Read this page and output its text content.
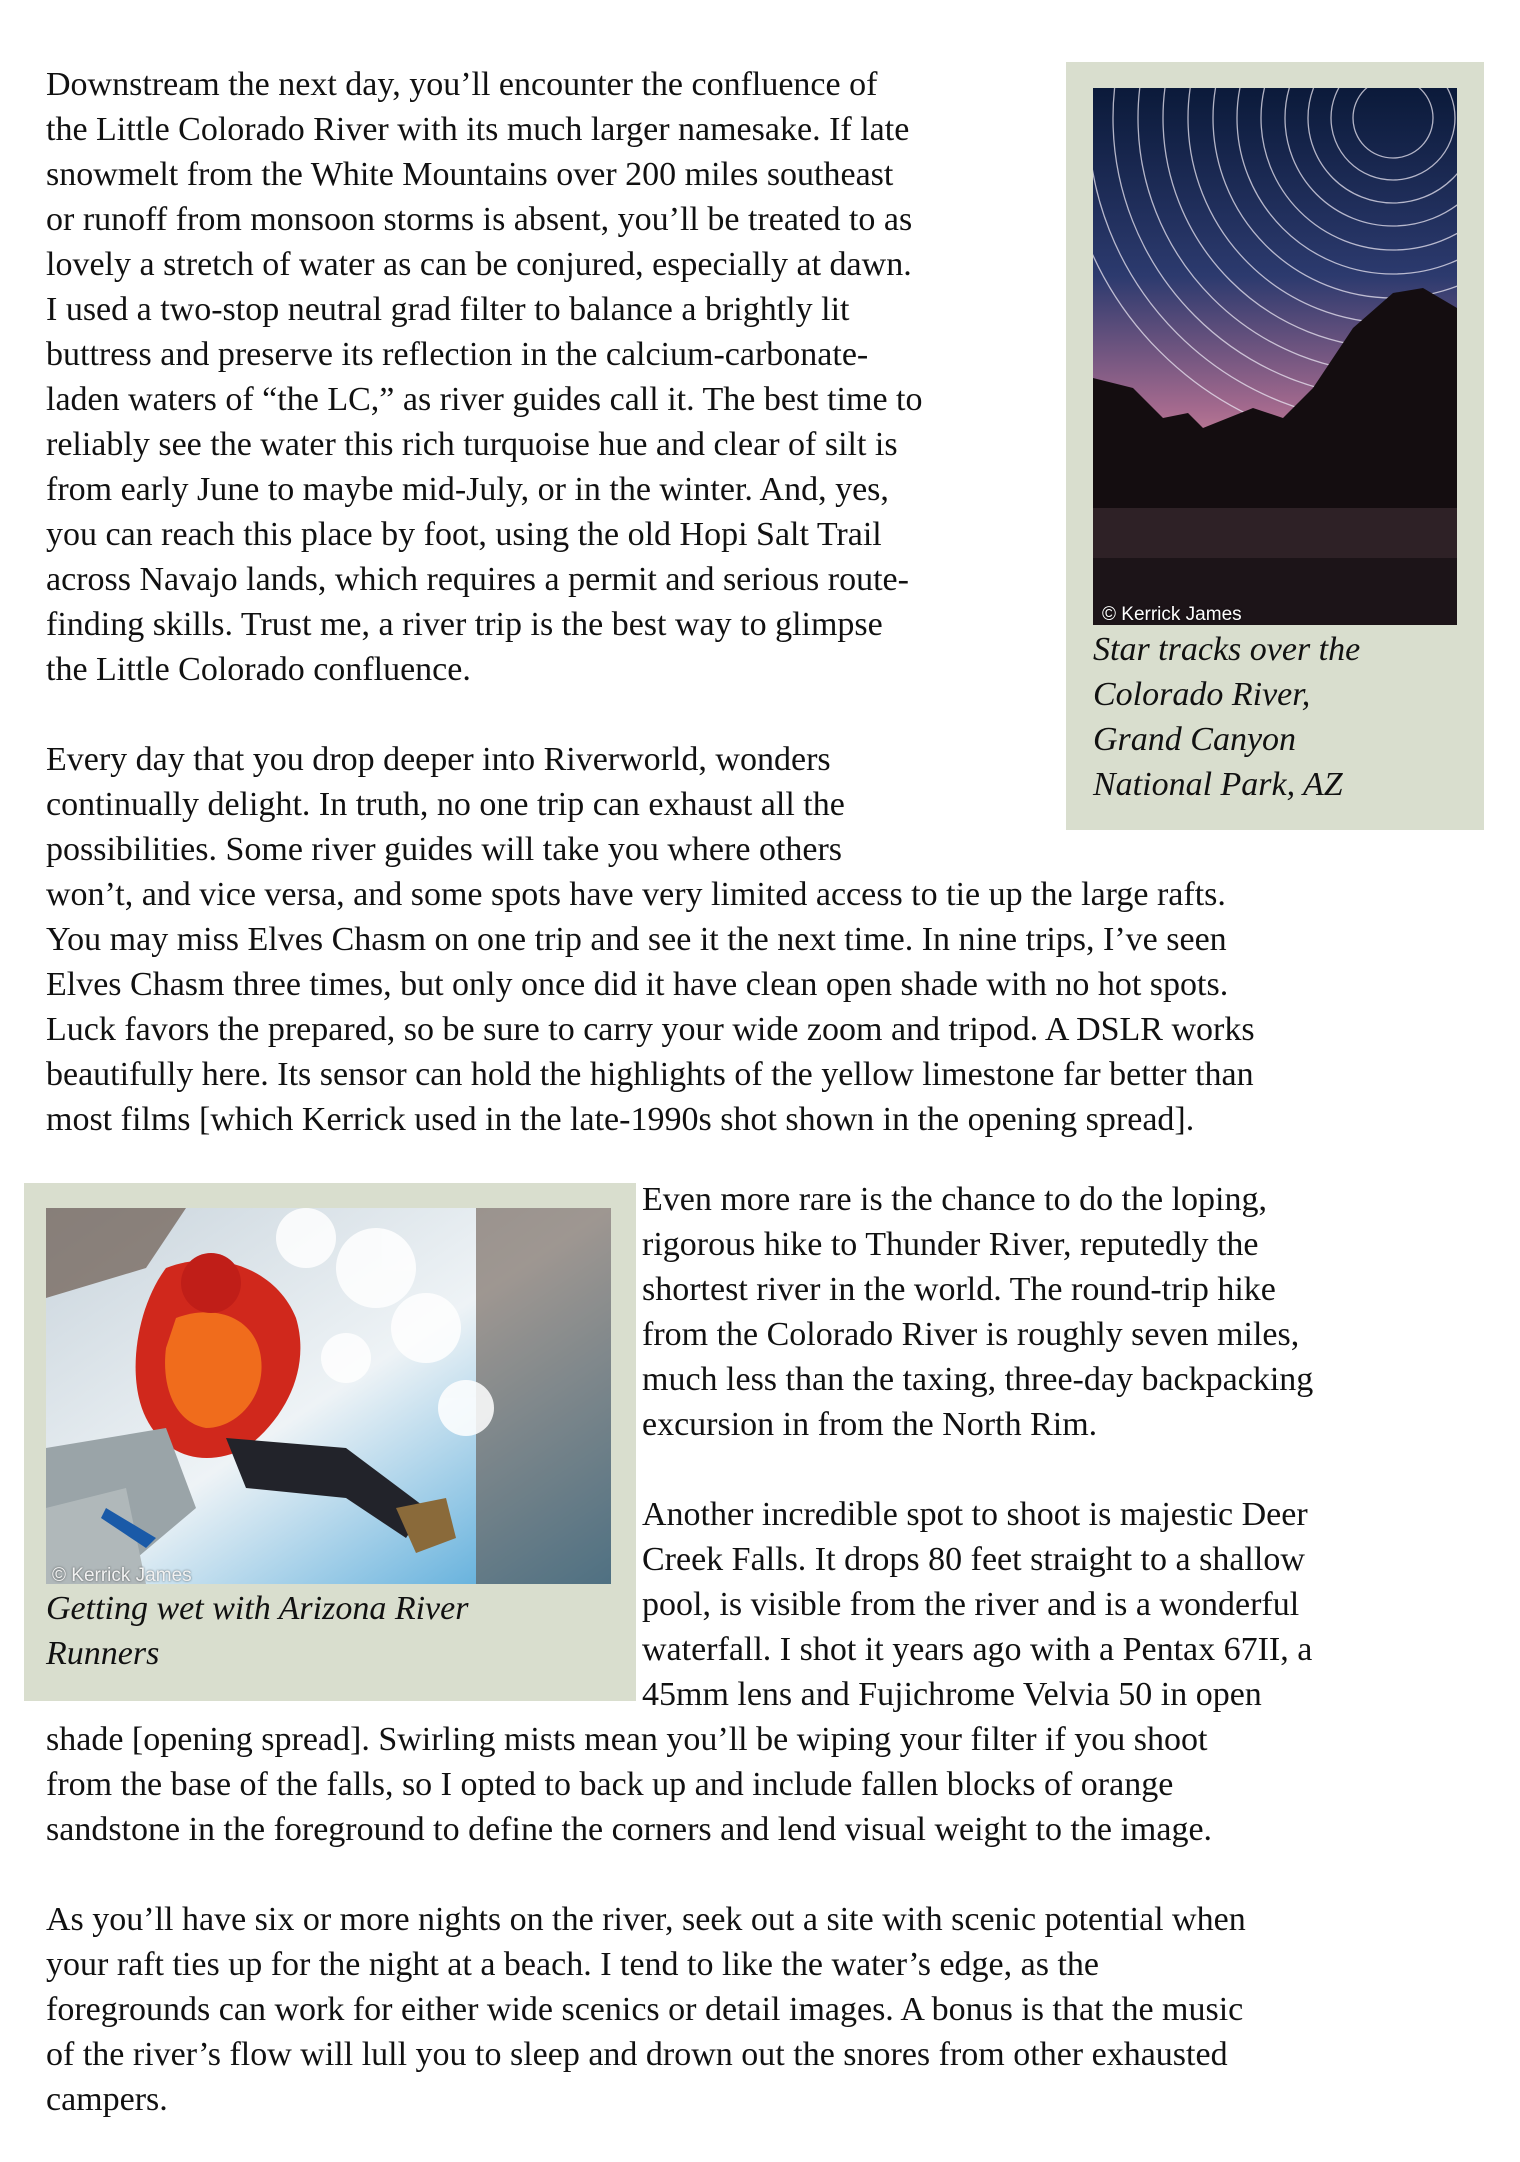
© Kerrick James
Star tracks over the
Colorado River,
Grand Canyon
National Park, AZ
© Kerrick James
Getting wet with Arizona River
Runners
Downstream the next day, you’ll encounter the confluence of
the Little Colorado River with its much larger namesake. If late
snowmelt from the White Mountains over 200 miles southeast
or runoff from monsoon storms is absent, you’ll be treated to as
lovely a stretch of water as can be conjured, especially at dawn.
I used a two-stop neutral grad filter to balance a brightly lit
buttress and preserve its reflection in the calcium-carbonate-
laden waters of “the LC,” as river guides call it. The best time to
reliably see the water this rich turquoise hue and clear of silt is
from early June to maybe mid-July, or in the winter. And, yes,
you can reach this place by foot, using the old Hopi Salt Trail
across Navajo lands, which requires a permit and serious route-
finding skills. Trust me, a river trip is the best way to glimpse
the Little Colorado confluence.
Every day that you drop deeper into Riverworld, wonders
continually delight. In truth, no one trip can exhaust all the
possibilities. Some river guides will take you where others
won’t, and vice versa, and some spots have very limited access to tie up the large rafts.
You may miss Elves Chasm on one trip and see it the next time. In nine trips, I’ve seen
Elves Chasm three times, but only once did it have clean open shade with no hot spots.
Luck favors the prepared, so be sure to carry your wide zoom and tripod. A DSLR works
beautifully here. Its sensor can hold the highlights of the yellow limestone far better than
most films [which Kerrick used in the late-1990s shot shown in the opening spread].
Even more rare is the chance to do the loping,
rigorous hike to Thunder River, reputedly the
shortest river in the world. The round-trip hike
from the Colorado River is roughly seven miles,
much less than the taxing, three-day backpacking
excursion in from the North Rim.
Another incredible spot to shoot is majestic Deer
Creek Falls. It drops 80 feet straight to a shallow
pool, is visible from the river and is a wonderful
waterfall. I shot it years ago with a Pentax 67II, a
45mm lens and Fujichrome Velvia 50 in open
shade [opening spread]. Swirling mists mean you’ll be wiping your filter if you shoot
from the base of the falls, so I opted to back up and include fallen blocks of orange
sandstone in the foreground to define the corners and lend visual weight to the image.
As you’ll have six or more nights on the river, seek out a site with scenic potential when
your raft ties up for the night at a beach. I tend to like the water’s edge, as the
foregrounds can work for either wide scenics or detail images. A bonus is that the music
of the river’s flow will lull you to sleep and drown out the snores from other exhausted
campers.
